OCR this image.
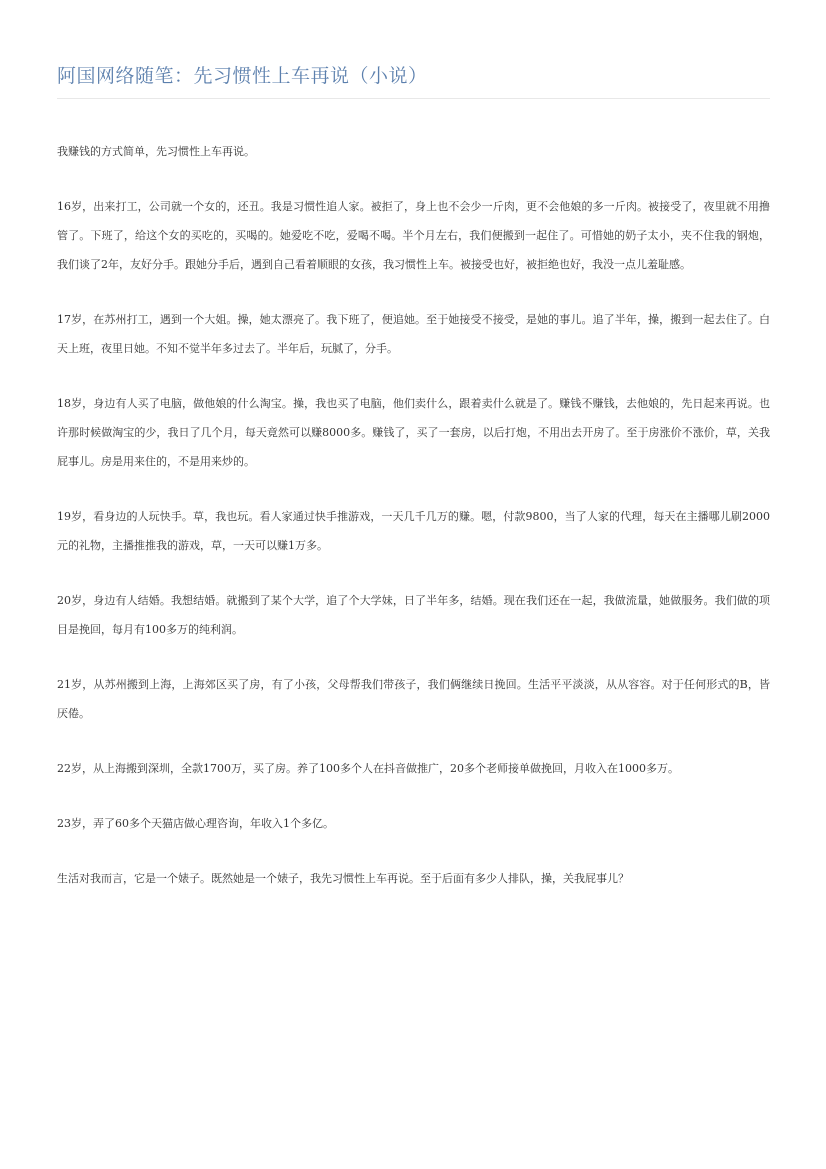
阿国网络随笔：先习惯性上车再说（小说）

我赚钱的方式简单，先习惯性上车再说。

16岁，出来打工，公司就一个女的，还丑。我是习惯性追人家。被拒了，身上也不会少一斤肉，更不会他娘的多一斤肉。被接受了，夜里就不用撸管了。下班了，给这个女的买吃的，买喝的。她爱吃不吃，爱喝不喝。半个月左右，我们便搬到一起住了。可惜她的奶子太小，夹不住我的钢炮，我们谈了2年，友好分手。跟她分手后，遇到自己看着顺眼的女孩，我习惯性上车。被接受也好，被拒绝也好，我没一点儿羞耻感。

17岁，在苏州打工，遇到一个大姐。操，她太漂亮了。我下班了，便追她。至于她接受不接受，是她的事儿。追了半年，操，搬到一起去住了。白天上班，夜里日她。不知不觉半年多过去了。半年后，玩腻了，分手。

18岁，身边有人买了电脑，做他娘的什么淘宝。操，我也买了电脑，他们卖什么，跟着卖什么就是了。赚钱不赚钱，去他娘的，先日起来再说。也许那时候做淘宝的少，我日了几个月，每天竟然可以赚8000多。赚钱了，买了一套房，以后打炮，不用出去开房了。至于房涨价不涨价，草，关我屁事儿。房是用来住的，不是用来炒的。

19岁，看身边的人玩快手。草，我也玩。看人家通过快手推游戏，一天几千几万的赚。嗯，付款9800，当了人家的代理，每天在主播哪儿刷2000元的礼物，主播推推我的游戏，草，一天可以赚1万多。

20岁，身边有人结婚。我想结婚。就搬到了某个大学，追了个大学妹，日了半年多，结婚。现在我们还在一起，我做流量，她做服务。我们做的项目是挽回，每月有100多万的纯利润。

21岁，从苏州搬到上海，上海郊区买了房，有了小孩，父母帮我们带孩子，我们俩继续日挽回。生活平平淡淡，从从容容。对于任何形式的B，皆厌倦。

22岁，从上海搬到深圳，全款1700万，买了房。养了100多个人在抖音做推广，20多个老师接单做挽回，月收入在1000多万。

23岁，弄了60多个天猫店做心理咨询，年收入1个多亿。

生活对我而言，它是一个婊子。既然她是一个婊子，我先习惯性上车再说。至于后面有多少人排队，操，关我屁事儿？
